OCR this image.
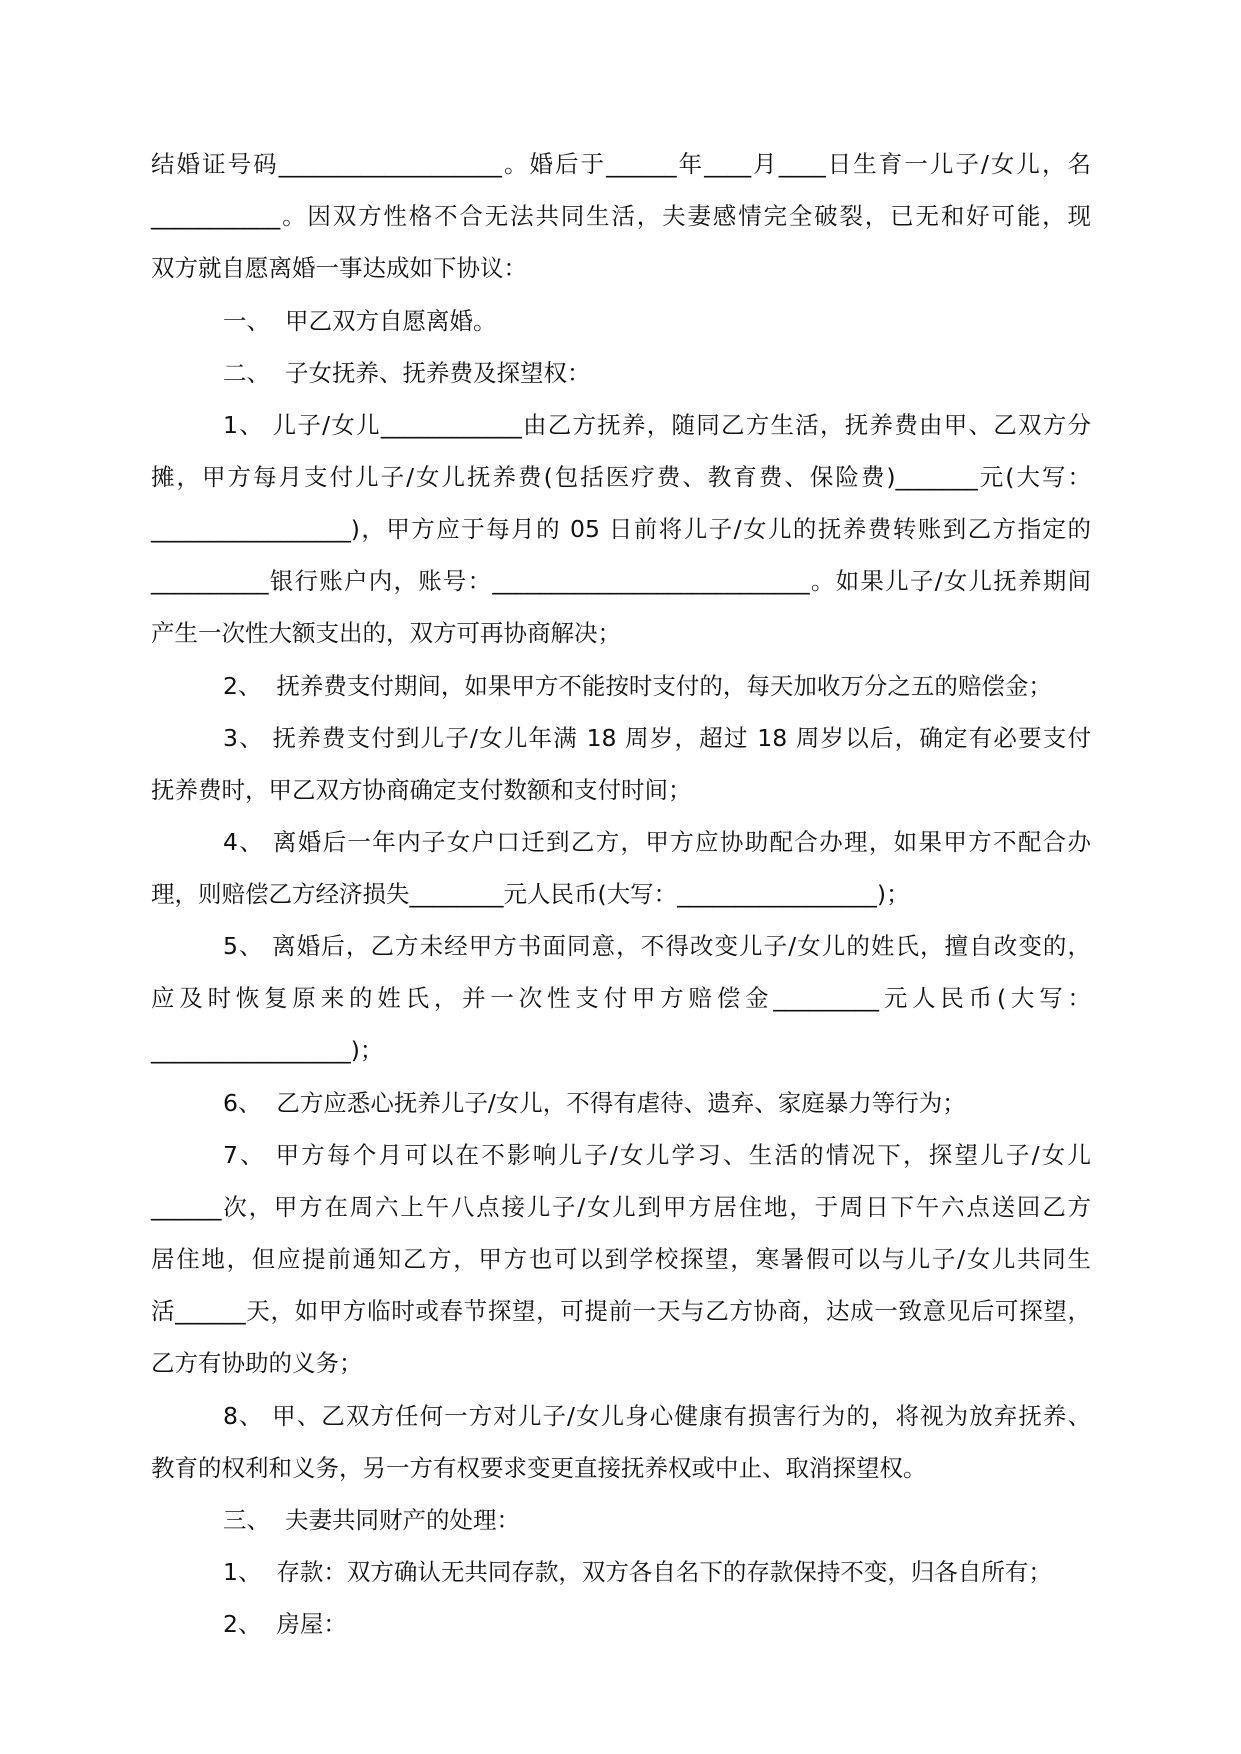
结婚证号码___________________。婚后于______年____月____日生育一儿子/女儿，名
___________。因双方性格不合无法共同生活，夫妻感情完全破裂，已无和好可能，现
双方就自愿离婚一事达成如下协议：
一、  甲乙双方自愿离婚。
二、  子女抚养、抚养费及探望权：
1、 儿子/女儿____________由乙方抚养，随同乙方生活，抚养费由甲、乙双方分
摊，甲方每月支付儿子/女儿抚养费(包括医疗费、教育费、保险费)_______元(大写：
_________________)，甲方应于每月的 05 日前将儿子/女儿的抚养费转账到乙方指定的
__________银行账户内，账号：___________________________。如果儿子/女儿抚养期间
产生一次性大额支出的，双方可再协商解决；
2、  抚养费支付期间，如果甲方不能按时支付的，每天加收万分之五的赔偿金；
3、 抚养费支付到儿子/女儿年满 18 周岁，超过 18 周岁以后，确定有必要支付
抚养费时，甲乙双方协商确定支付数额和支付时间；
4、 离婚后一年内子女户口迁到乙方，甲方应协助配合办理，如果甲方不配合办
理，则赔偿乙方经济损失________元人民币(大写：_________________)；
5、 离婚后，乙方未经甲方书面同意，不得改变儿子/女儿的姓氏，擅自改变的，
应及时恢复原来的姓氏，并一次性支付甲方赔偿金_________元人民币(大写：
_________________)；
6、  乙方应悉心抚养儿子/女儿，不得有虐待、遗弃、家庭暴力等行为；
7、 甲方每个月可以在不影响儿子/女儿学习、生活的情况下，探望儿子/女儿
______次，甲方在周六上午八点接儿子/女儿到甲方居住地，于周日下午六点送回乙方
居住地，但应提前通知乙方，甲方也可以到学校探望，寒暑假可以与儿子/女儿共同生
活______天，如甲方临时或春节探望，可提前一天与乙方协商，达成一致意见后可探望，
乙方有协助的义务；
8、 甲、乙双方任何一方对儿子/女儿身心健康有损害行为的，将视为放弃抚养、
教育的权利和义务，另一方有权要求变更直接抚养权或中止、取消探望权。
三、  夫妻共同财产的处理：
1、  存款：双方确认无共同存款，双方各自名下的存款保持不变，归各自所有；
2、  房屋：
